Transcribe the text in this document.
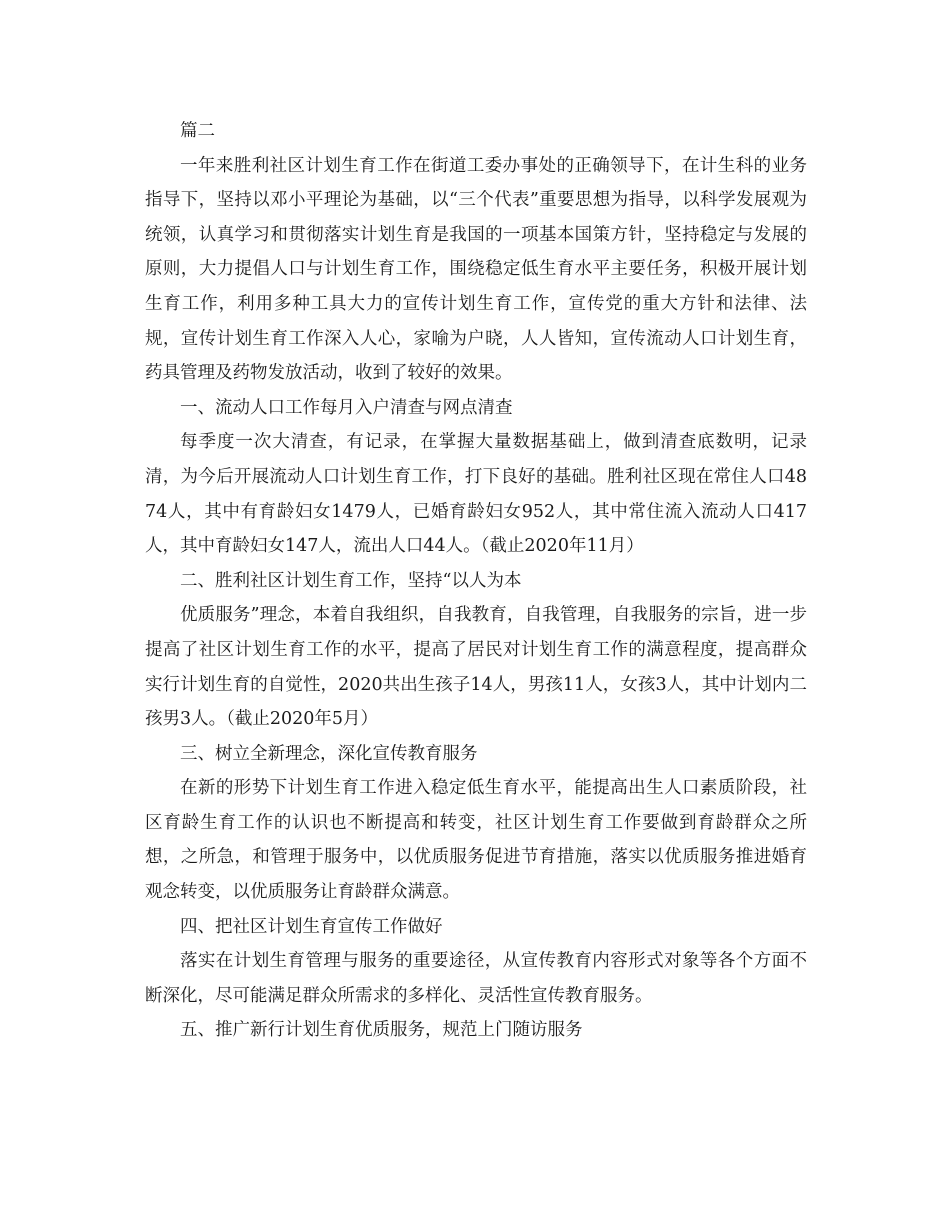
篇二

一年来胜利社区计划生育工作在街道工委办事处的正确领导下，在计生科的业务指导下，坚持以邓小平理论为基础，以“三个代表”重要思想为指导，以科学发展观为统领，认真学习和贯彻落实计划生育是我国的一项基本国策方针，坚持稳定与发展的原则，大力提倡人口与计划生育工作，围绕稳定低生育水平主要任务，积极开展计划生育工作，利用多种工具大力的宣传计划生育工作，宣传党的重大方针和法律、法规，宣传计划生育工作深入人心，家喻为户晓，人人皆知，宣传流动人口计划生育，药具管理及药物发放活动，收到了较好的效果。

一、流动人口工作每月入户清查与网点清查

每季度一次大清查，有记录，在掌握大量数据基础上，做到清查底数明，记录清，为今后开展流动人口计划生育工作，打下良好的基础。胜利社区现在常住人口4874人，其中有育龄妇女1479人，已婚育龄妇女952人，其中常住流入流动人口417人，其中育龄妇女147人，流出人口44人。（截止2020年11月）

二、胜利社区计划生育工作，坚持“以人为本

优质服务”理念，本着自我组织，自我教育，自我管理，自我服务的宗旨，进一步提高了社区计划生育工作的水平，提高了居民对计划生育工作的满意程度，提高群众实行计划生育的自觉性，2020共出生孩子14人，男孩11人，女孩3人，其中计划内二孩男3人。（截止2020年5月）

三、树立全新理念，深化宣传教育服务

在新的形势下计划生育工作进入稳定低生育水平，能提高出生人口素质阶段，社区育龄生育工作的认识也不断提高和转变，社区计划生育工作要做到育龄群众之所想，之所急，和管理于服务中，以优质服务促进节育措施，落实以优质服务推进婚育观念转变，以优质服务让育龄群众满意。

四、把社区计划生育宣传工作做好

落实在计划生育管理与服务的重要途径，从宣传教育内容形式对象等各个方面不断深化，尽可能满足群众所需求的多样化、灵活性宣传教育服务。

五、推广新行计划生育优质服务，规范上门随访服务
